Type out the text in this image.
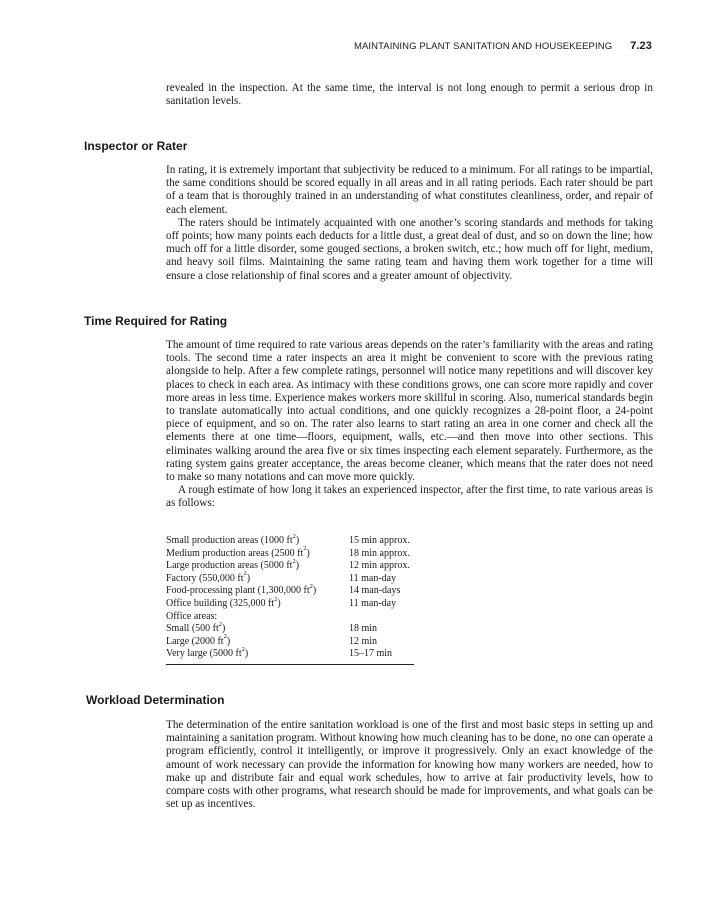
MAINTAINING PLANT SANITATION AND HOUSEKEEPING 7.23

revealed in the inspection. At the same time, the interval is not long enough to permit a serious drop in sanitation levels.

Inspector or Rater

In rating, it is extremely important that subjectivity be reduced to a minimum. For all ratings to be impartial, the same conditions should be scored equally in all areas and in all rating periods. Each rater should be part of a team that is thoroughly trained in an understanding of what constitutes cleanliness, order, and repair of each element.

The raters should be intimately acquainted with one another’s scoring standards and methods for taking off points; how many points each deducts for a little dust, a great deal of dust, and so on down the line; how much off for a little disorder, some gouged sections, a broken switch, etc.; how much off for light, medium, and heavy soil films. Maintaining the same rating team and having them work together for a time will ensure a close relationship of final scores and a greater amount of objectivity.

Time Required for Rating

The amount of time required to rate various areas depends on the rater’s familiarity with the areas and rating tools. The second time a rater inspects an area it might be convenient to score with the previous rating alongside to help. After a few complete ratings, personnel will notice many repetitions and will discover key places to check in each area. As intimacy with these conditions grows, one can score more rapidly and cover more areas in less time. Experience makes workers more skillful in scoring. Also, numerical standards begin to translate automatically into actual conditions, and one quickly recognizes a 28-point floor, a 24-point piece of equipment, and so on. The rater also learns to start rating an area in one corner and check all the elements there at one time—floors, equipment, walls, etc.—and then move into other sections. This eliminates walking around the area five or six times inspecting each element separately. Furthermore, as the rating system gains greater acceptance, the areas become cleaner, which means that the rater does not need to make so many notations and can move more quickly.

A rough estimate of how long it takes an experienced inspector, after the first time, to rate various areas is as follows:

Small production areas (1000 $ft^2$)	15 min approx.
Medium production areas (2500 $ft^2$)	18 min approx.
Large production areas (5000 $ft^2$)	12 min approx.
Factory (550,000 $ft^2$)	11 man-day
Food-processing plant (1,300,000 $ft^2$)	14 man-days
Office building (325,000 $ft^2$)	11 man-day
Office areas:
Small (500 $ft^2$)	18 min
Large (2000 $ft^2$)	12 min
Very large (5000 $ft^2$)	15–17 min
Workload Determination

The determination of the entire sanitation workload is one of the first and most basic steps in setting up and maintaining a sanitation program. Without knowing how much cleaning has to be done, no one can operate a program efficiently, control it intelligently, or improve it progressively. Only an exact knowledge of the amount of work necessary can provide the information for knowing how many workers are needed, how to make up and distribute fair and equal work schedules, how to arrive at fair productivity levels, how to compare costs with other programs, what research should be made for improvements, and what goals can be set up as incentives.
